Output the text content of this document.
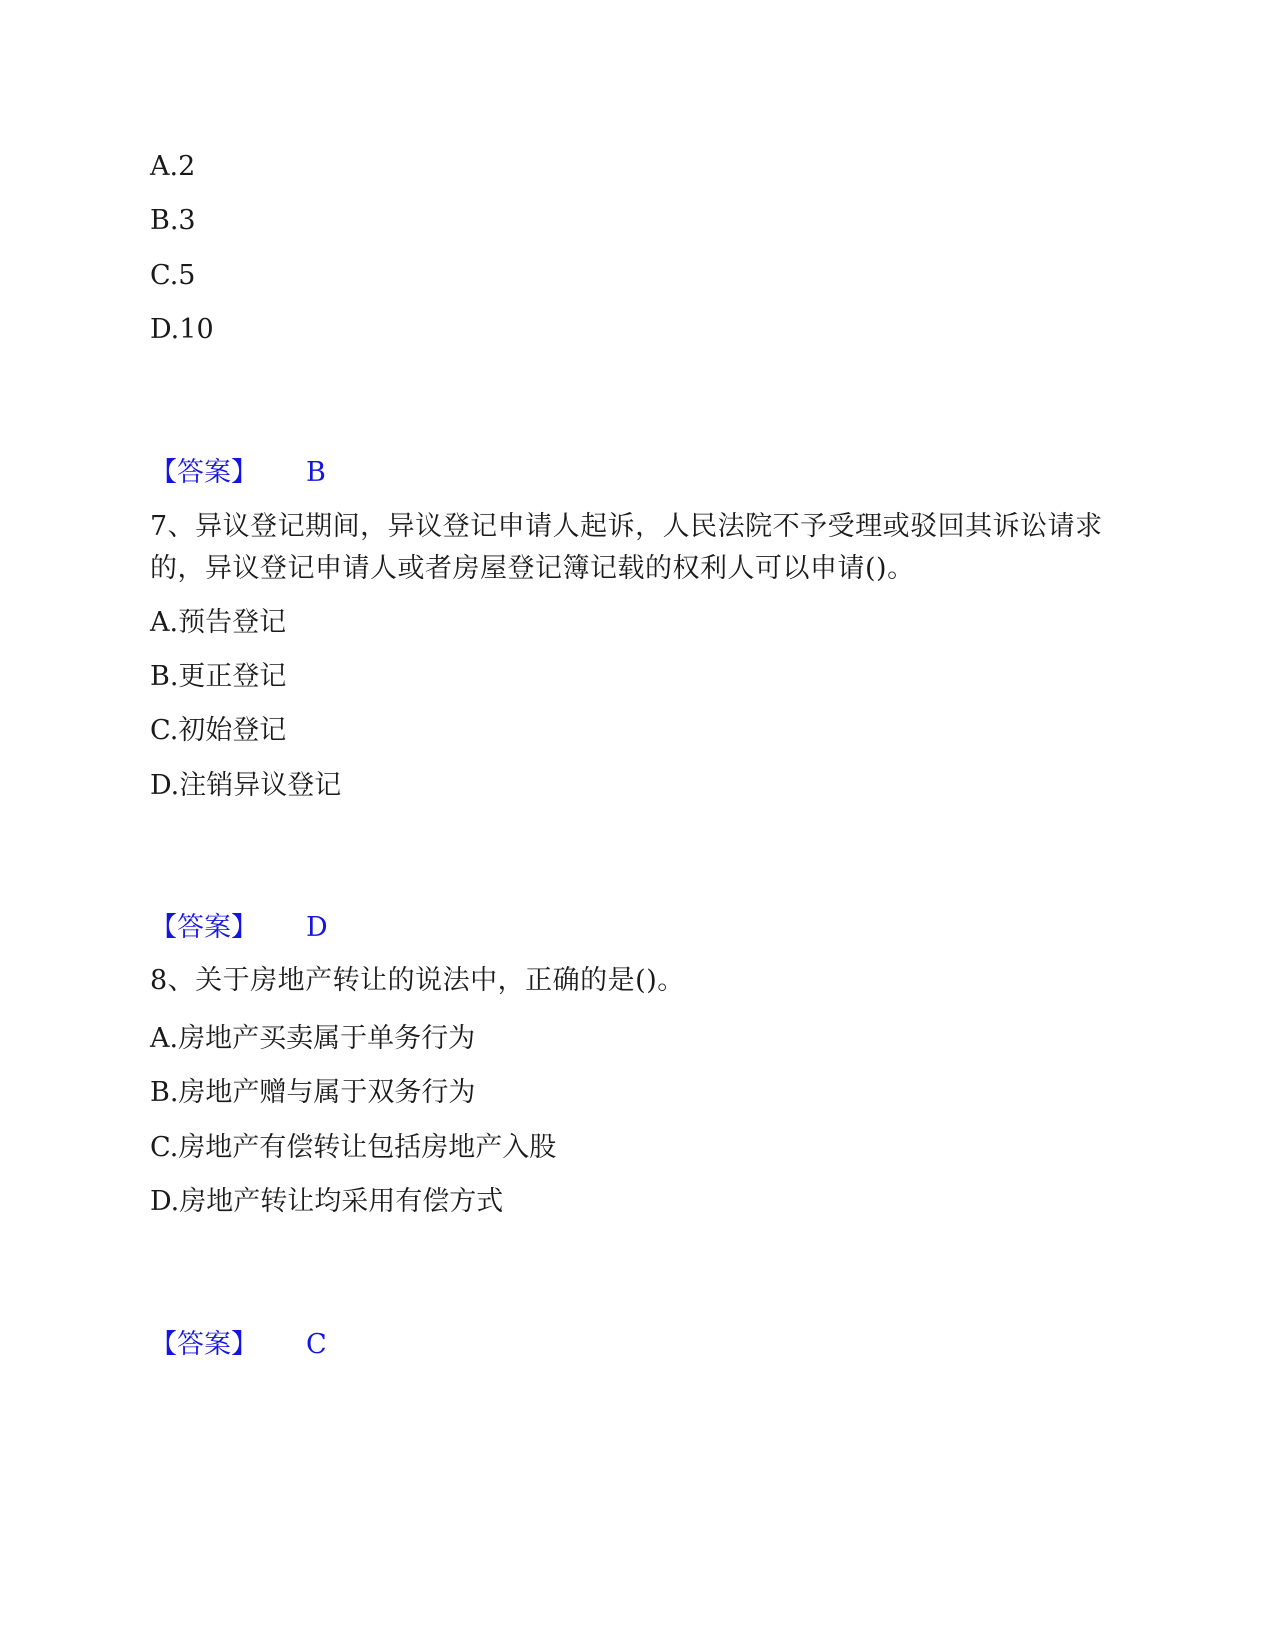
A.2
B.3
C.5
D.10
【答案】 B
7、异议登记期间，异议登记申请人起诉，人民法院不予受理或驳回其诉讼请求的，异议登记申请人或者房屋登记簿记载的权利人可以申请()。
A.预告登记
B.更正登记
C.初始登记
D.注销异议登记
【答案】 D
8、关于房地产转让的说法中，正确的是()。
A.房地产买卖属于单务行为
B.房地产赠与属于双务行为
C.房地产有偿转让包括房地产入股
D.房地产转让均采用有偿方式
【答案】 C
